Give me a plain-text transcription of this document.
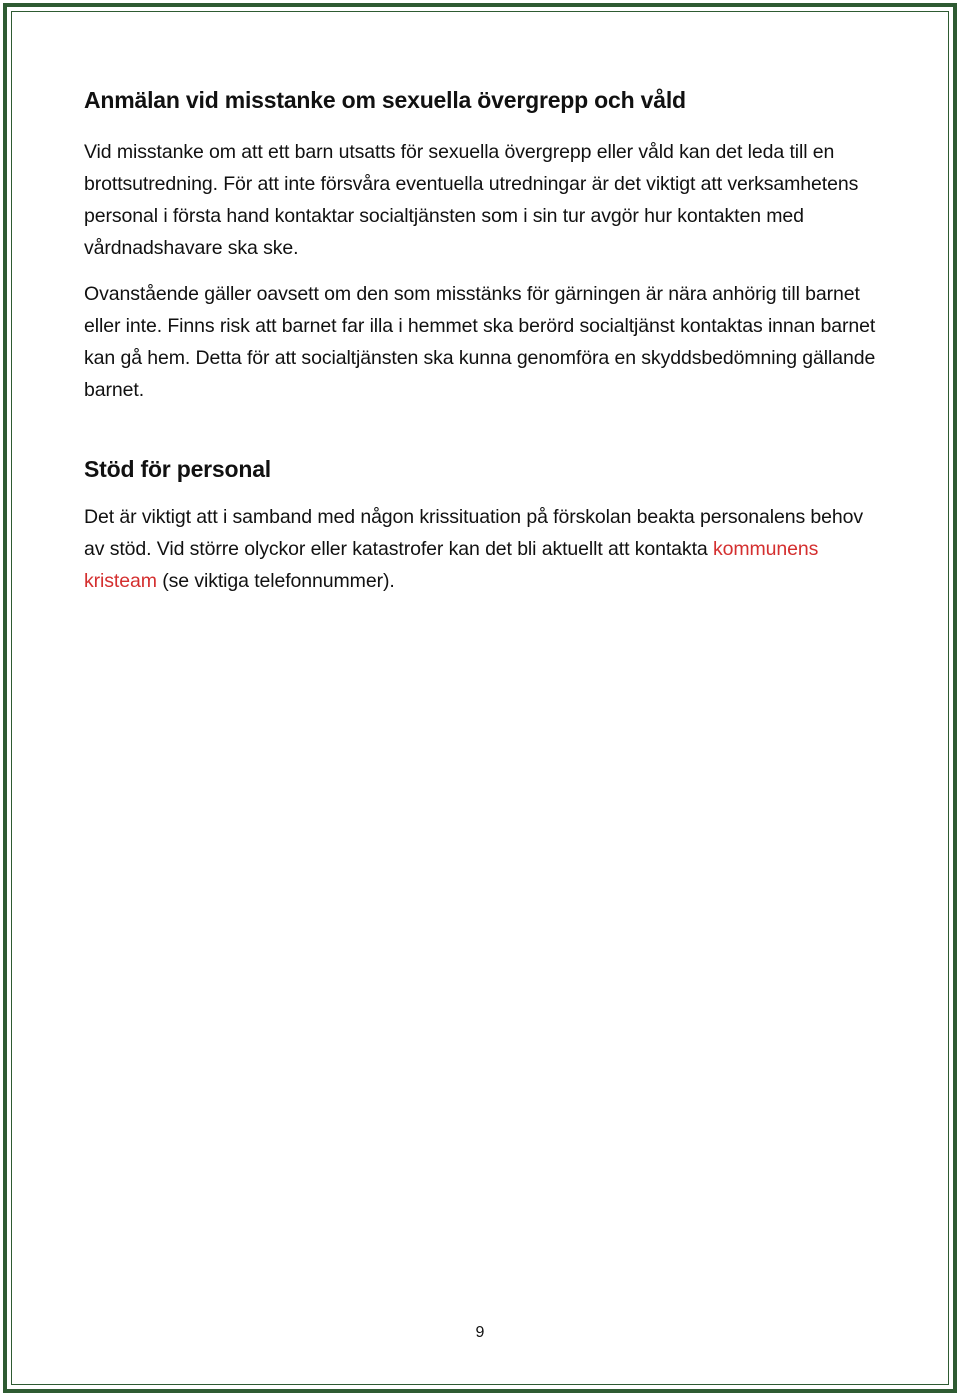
Anmälan vid misstanke om sexuella övergrepp och våld

Vid misstanke om att ett barn utsatts för sexuella övergrepp eller våld kan det leda till en brottsutredning. För att inte försvåra eventuella utredningar är det viktigt att verksamhetens personal i första hand kontaktar socialtjänsten som i sin tur avgör hur kontakten med vårdnadshavare ska ske.

Ovanstående gäller oavsett om den som misstänks för gärningen är nära anhörig till barnet eller inte. Finns risk att barnet far illa i hemmet ska berörd socialtjänst kontaktas innan barnet kan gå hem. Detta för att socialtjänsten ska kunna genomföra en skyddsbedömning gällande barnet.

Stöd för personal

Det är viktigt att i samband med någon krissituation på förskolan beakta personalens behov av stöd. Vid större olyckor eller katastrofer kan det bli aktuellt att kontakta kommunens kristeam (se viktiga telefonnummer).

9
